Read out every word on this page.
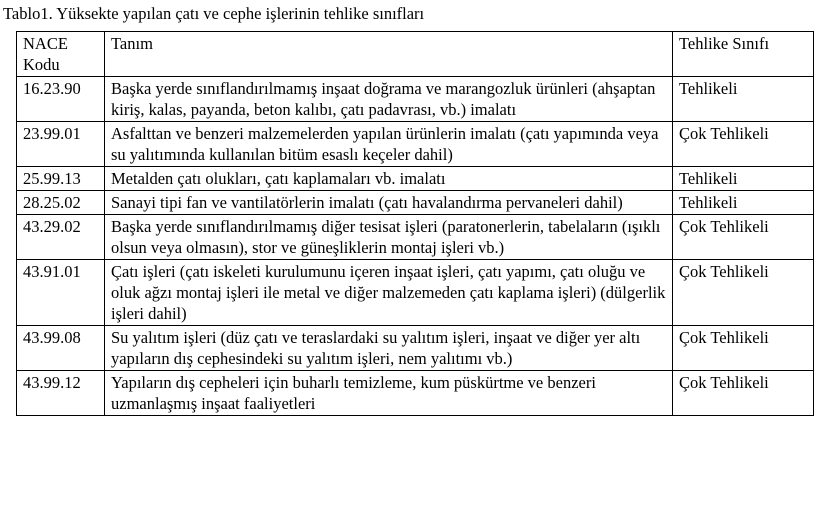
Tablo1. Yüksekte yapılan çatı ve cephe işlerinin tehlike sınıfları
NACE Kodu	Tanım	Tehlike Sınıfı
16.23.90	Başka yerde sınıflandırılmamış inşaat doğrama ve marangozluk ürünleri (ahşaptan kiriş, kalas, payanda, beton kalıbı, çatı padavrası, vb.) imalatı	Tehlikeli
23.99.01	Asfalttan ve benzeri malzemelerden yapılan ürünlerin imalatı (çatı yapımında veya su yalıtımında kullanılan bitüm esaslı keçeler dahil)	Çok Tehlikeli
25.99.13	Metalden çatı olukları, çatı kaplamaları vb. imalatı	Tehlikeli
28.25.02	Sanayi tipi fan ve vantilatörlerin imalatı (çatı havalandırma pervaneleri dahil)	Tehlikeli
43.29.02	Başka yerde sınıflandırılmamış diğer tesisat işleri (paratonerlerin, tabelaların (ışıklı olsun veya olmasın), stor ve güneşliklerin montaj işleri vb.)	Çok Tehlikeli
43.91.01	Çatı işleri (çatı iskeleti kurulumunu içeren inşaat işleri, çatı yapımı, çatı oluğu ve oluk ağzı montaj işleri ile metal ve diğer malzemeden çatı kaplama işleri) (dülgerlik işleri dahil)	Çok Tehlikeli
43.99.08	Su yalıtım işleri (düz çatı ve teraslardaki su yalıtım işleri, inşaat ve diğer yer altı yapıların dış cephesindeki su yalıtım işleri, nem yalıtımı vb.)	Çok Tehlikeli
43.99.12	Yapıların dış cepheleri için buharlı temizleme, kum püskürtme ve benzeri uzmanlaşmış inşaat faaliyetleri	Çok Tehlikeli
